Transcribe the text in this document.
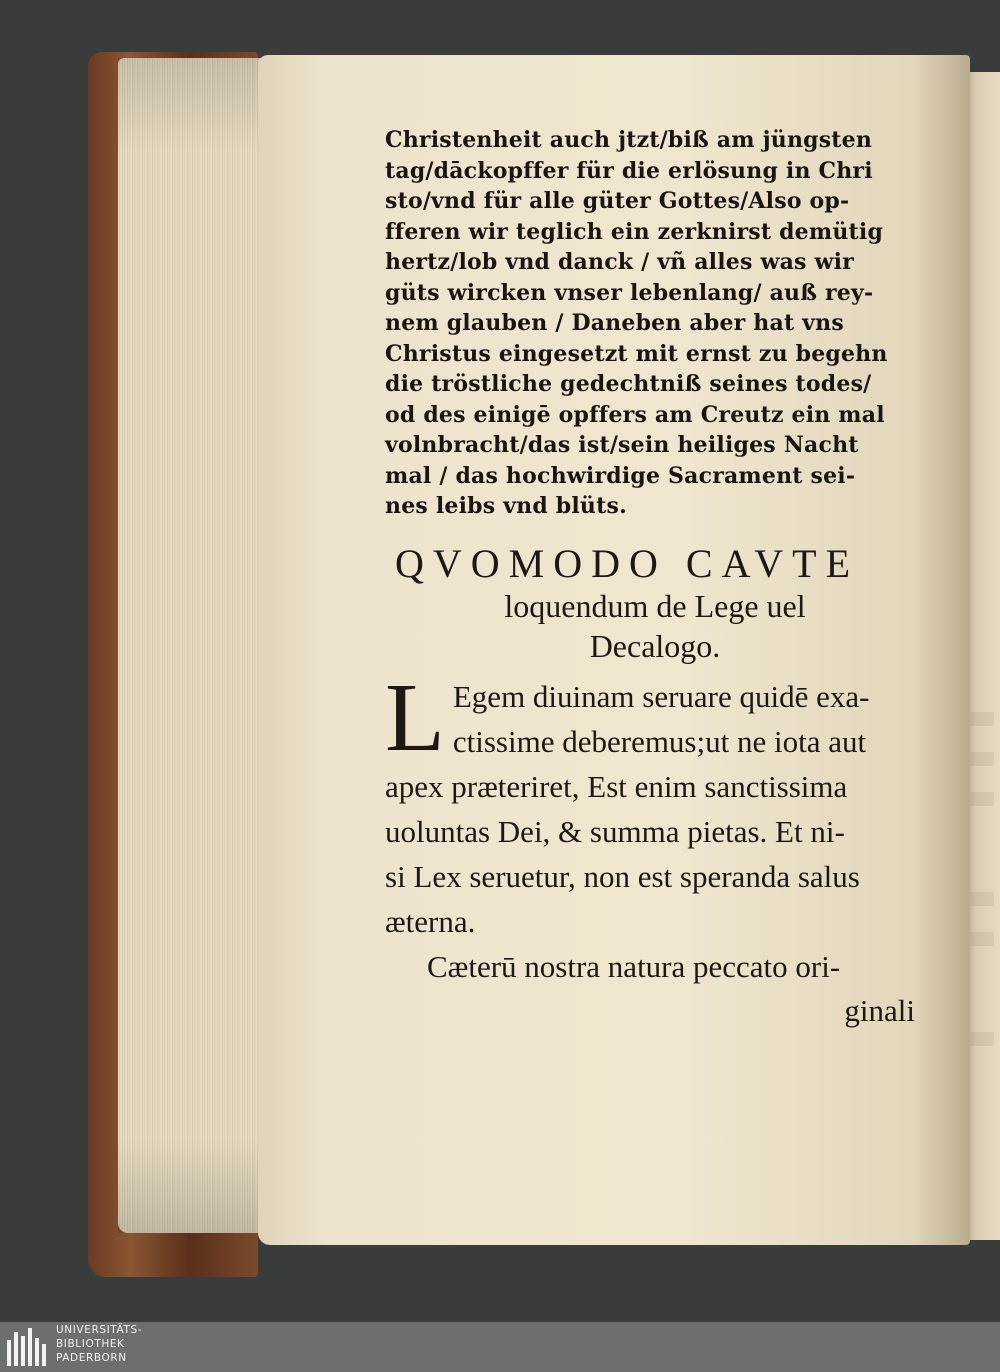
Christenheit auch jtzt/biß am jüngsten
tag/dāckopffer für die erlösung in Chri
sto/vnd für alle güter Gottes/Also op-
fferen wir teglich ein zerknirst demütig
hertz/lob vnd danck / vñ alles was wir
güts wircken vnser lebenlang/ auß rey-
nem glauben / Daneben aber hat vns
Christus eingesetzt mit ernst zu begehn
die tröstliche gedechtniß seines todes/
od des einigē opffers am Creutz ein mal
volnbracht/das ist/sein heiliges Nacht
mal / das hochwirdige Sacrament sei-
nes leibs vnd blüts.

QVOMODO CAVTE
loquendum de Lege uel
Decalogo.
L Egem diuinam seruare quidē exa-
ctissime deberemus;ut ne iota aut
apex præteriret, Est enim sanctissima
uoluntas Dei, & summa pietas. Et ni-
si Lex seruetur, non est speranda salus
æterna.
Cæterū nostra natura peccato ori-
ginali
UNIVERSITÄTS-
BIBLIOTHEK
PADERBORN
